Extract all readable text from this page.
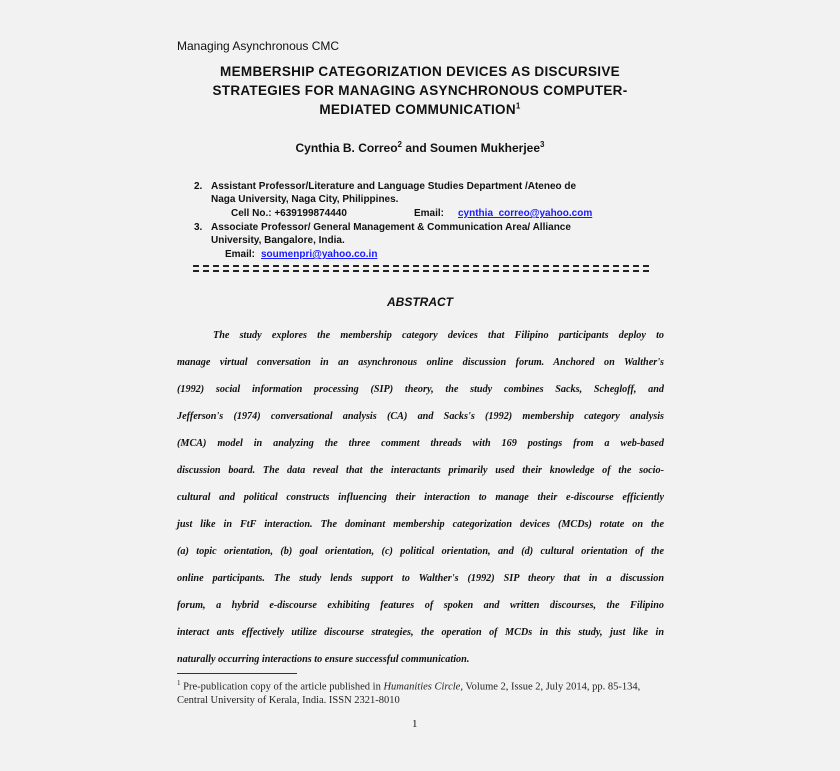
Managing Asynchronous CMC
MEMBERSHIP CATEGORIZATION DEVICES AS DISCURSIVE
STRATEGIES FOR MANAGING ASYNCHRONOUS COMPUTER-
MEDIATED COMMUNICATION$^1$
Cynthia B. Correo$^2$ and Soumen Mukherjee$^3$
2. Assistant Professor/Literature and Language Studies Department /Ateneo de
Naga University, Naga City, Philippines.
Cell No.: +639199874440	Email: cynthia_correo@yahoo.com
3. Associate Professor/ General Management & Communication Area/ Alliance
University, Bangalore, India.
Email: soumenpri@yahoo.co.in
ABSTRACT
The study explores the membership category devices that Filipino participants deploy to
manage virtual conversation in an asynchronous online discussion forum. Anchored on Walther's
(1992) social information processing (SIP) theory, the study combines Sacks, Schegloff, and
Jefferson's (1974) conversational analysis (CA) and Sacks's (1992) membership category analysis
(MCA) model in analyzing the three comment threads with 169 postings from a web-based
discussion board. The data reveal that the interactants primarily used their knowledge of the socio-
cultural and political constructs influencing their interaction to manage their e-discourse efficiently
just like in FtF interaction. The dominant membership categorization devices (MCDs) rotate on the
(a) topic orientation, (b) goal orientation, (c) political orientation, and (d) cultural orientation of the
online participants. The study lends support to Walther's (1992) SIP theory that in a discussion
forum, a hybrid e-discourse exhibiting features of spoken and written discourses, the Filipino
interact ants effectively utilize discourse strategies, the operation of MCDs in this study, just like in
naturally occurring interactions to ensure successful communication.
$^1$ Pre-publication copy of the article published in Humanities Circle, Volume 2, Issue 2, July 2014, pp. 85-134, Central University of Kerala, India. ISSN 2321-8010
1
